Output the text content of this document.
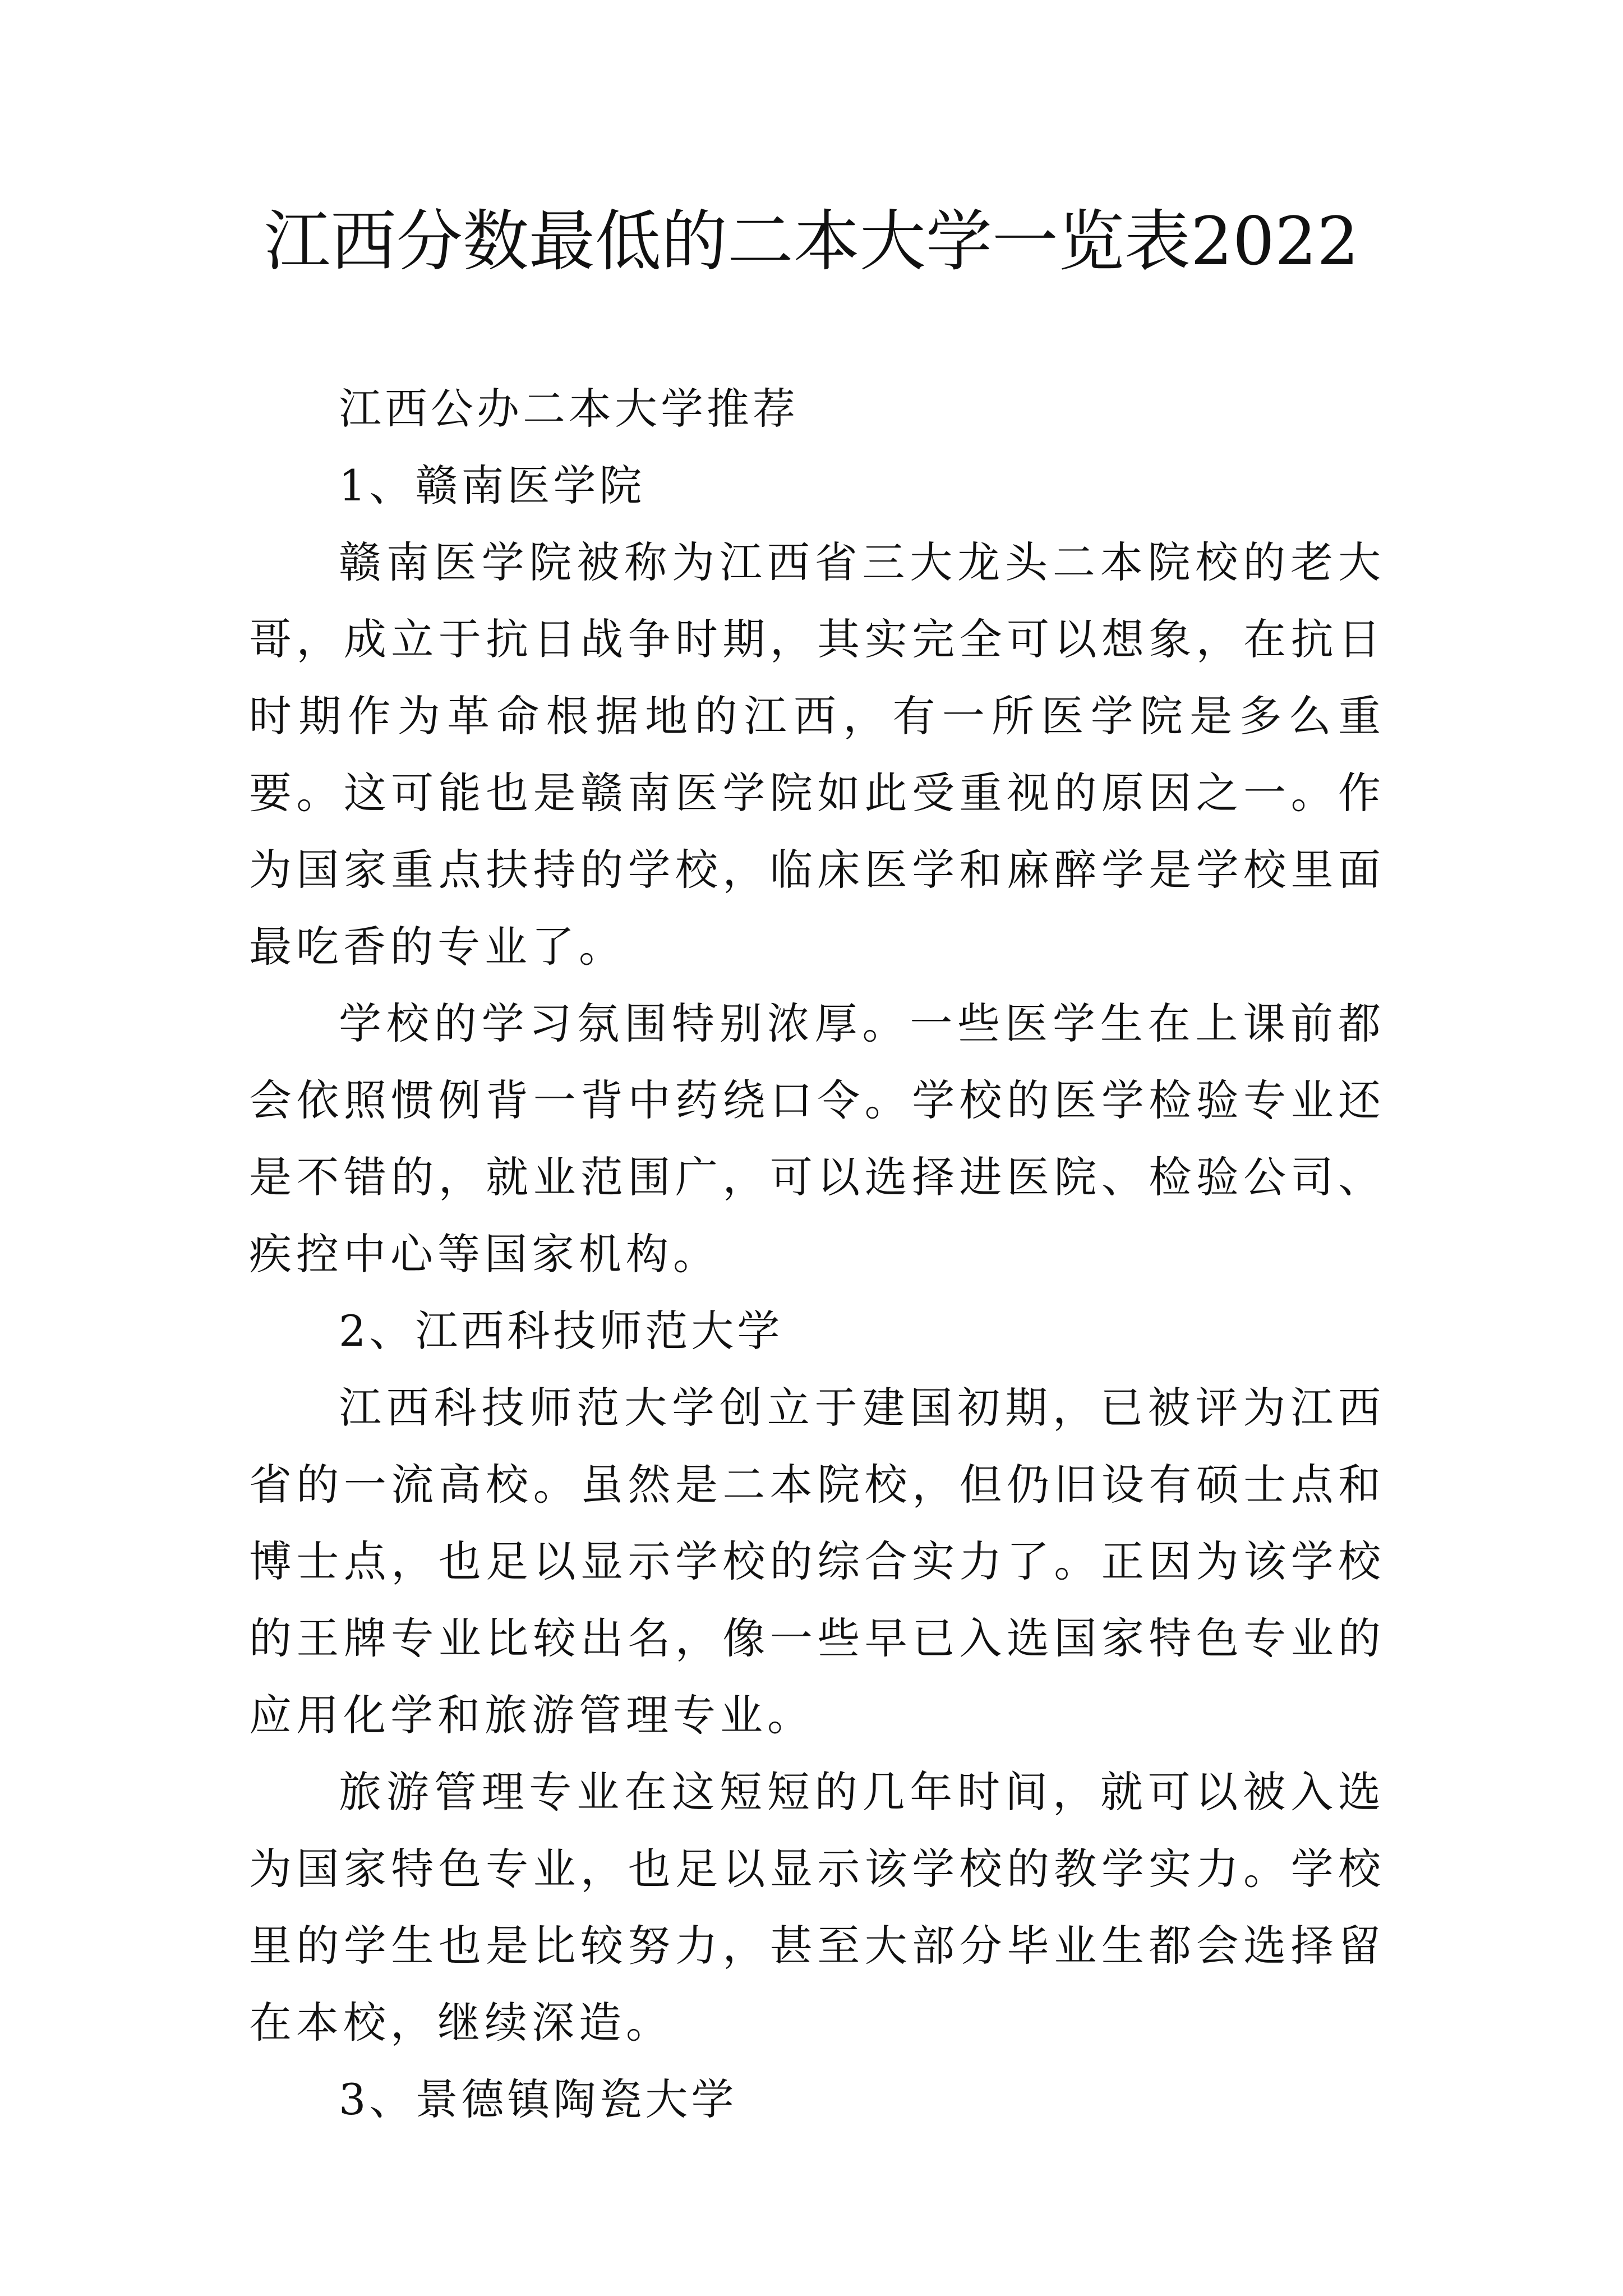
江西分数最低的二本大学一览表2022

江西公办二本大学推荐

1、赣南医学院

赣南医学院被称为江西省三大龙头二本院校的老大哥，成立于抗日战争时期，其实完全可以想象，在抗日时期作为革命根据地的江西，有一所医学院是多么重要。这可能也是赣南医学院如此受重视的原因之一。作为国家重点扶持的学校，临床医学和麻醉学是学校里面最吃香的专业了。

学校的学习氛围特别浓厚。一些医学生在上课前都会依照惯例背一背中药绕口令。学校的医学检验专业还是不错的，就业范围广，可以选择进医院、检验公司、疾控中心等国家机构。

2、江西科技师范大学

江西科技师范大学创立于建国初期，已被评为江西省的一流高校。虽然是二本院校，但仍旧设有硕士点和博士点，也足以显示学校的综合实力了。正因为该学校的王牌专业比较出名，像一些早已入选国家特色专业的应用化学和旅游管理专业。

旅游管理专业在这短短的几年时间，就可以被入选为国家特色专业，也足以显示该学校的教学实力。学校里的学生也是比较努力，甚至大部分毕业生都会选择留在本校，继续深造。

3、景德镇陶瓷大学
